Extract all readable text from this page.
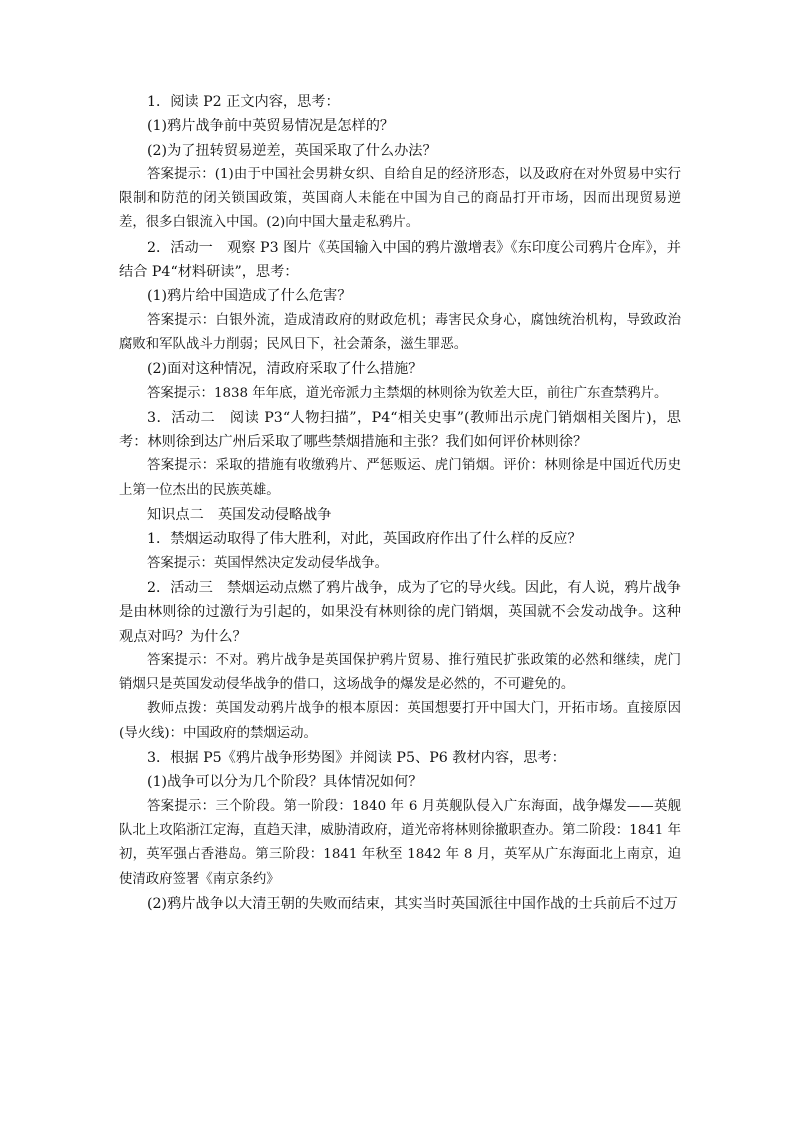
1．阅读 P2 正文内容，思考：

(1)鸦片战争前中英贸易情况是怎样的？

(2)为了扭转贸易逆差，英国采取了什么办法？

答案提示：(1)由于中国社会男耕女织、自给自足的经济形态，以及政府在对外贸易中实行限制和防范的闭关锁国政策，英国商人未能在中国为自己的商品打开市场，因而出现贸易逆差，很多白银流入中国。(2)向中国大量走私鸦片。

2．活动一　观察 P3 图片《英国输入中国的鸦片激增表》《东印度公司鸦片仓库》，并结合 P4“材料研读”，思考：

(1)鸦片给中国造成了什么危害？

答案提示：白银外流，造成清政府的财政危机；毒害民众身心，腐蚀统治机构，导致政治腐败和军队战斗力削弱；民风日下，社会萧条，滋生罪恶。

(2)面对这种情况，清政府采取了什么措施？

答案提示：1838 年年底，道光帝派力主禁烟的林则徐为钦差大臣，前往广东查禁鸦片。

3．活动二　阅读 P3“人物扫描”，P4“相关史事”(教师出示虎门销烟相关图片)，思考：林则徐到达广州后采取了哪些禁烟措施和主张？我们如何评价林则徐？

答案提示：采取的措施有收缴鸦片、严惩贩运、虎门销烟。评价：林则徐是中国近代历史上第一位杰出的民族英雄。

知识点二　英国发动侵略战争

1．禁烟运动取得了伟大胜利，对此，英国政府作出了什么样的反应？

答案提示：英国悍然决定发动侵华战争。

2．活动三　禁烟运动点燃了鸦片战争，成为了它的导火线。因此，有人说，鸦片战争是由林则徐的过激行为引起的，如果没有林则徐的虎门销烟，英国就不会发动战争。这种观点对吗？为什么？

答案提示：不对。鸦片战争是英国保护鸦片贸易、推行殖民扩张政策的必然和继续，虎门销烟只是英国发动侵华战争的借口，这场战争的爆发是必然的，不可避免的。

教师点拨：英国发动鸦片战争的根本原因：英国想要打开中国大门，开拓市场。直接原因(导火线)：中国政府的禁烟运动。

3．根据 P5《鸦片战争形势图》并阅读 P5、P6 教材内容，思考：

(1)战争可以分为几个阶段？具体情况如何？

答案提示：三个阶段。第一阶段：1840 年 6 月英舰队侵入广东海面，战争爆发——英舰队北上攻陷浙江定海，直趋天津，威胁清政府，道光帝将林则徐撤职查办。第二阶段：1841 年初，英军强占香港岛。第三阶段：1841 年秋至 1842 年 8 月，英军从广东海面北上南京，迫使清政府签署《南京条约》

(2)鸦片战争以大清王朝的失败而结束，其实当时英国派往中国作战的士兵前后不过万
